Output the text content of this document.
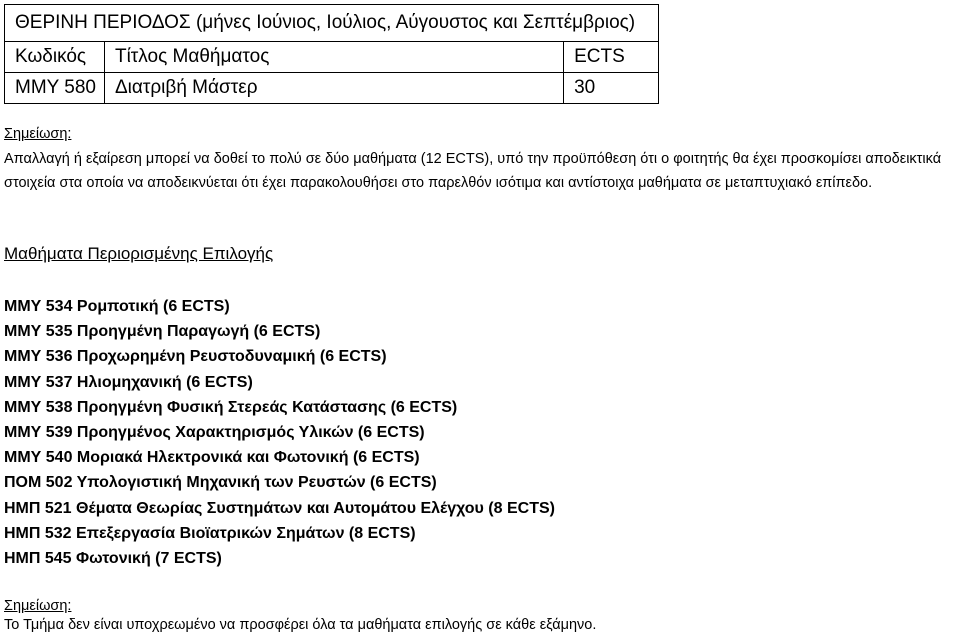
ΘΕΡΙΝΗ ΠΕΡΙΟΔΟΣ (μήνες Ιούνιος, Ιούλιος, Αύγουστος και Σεπτέμβριος)		
Κωδικός	Τίτλος Μαθήματος	ECTS
ΜΜΥ 580	Διατριβή Μάστερ	30
Σημείωση:
Απαλλαγή ή εξαίρεση μπορεί να δοθεί το πολύ σε δύο μαθήματα (12 ECTS), υπό την προϋπόθεση ότι ο φοιτητής θα έχει προσκομίσει αποδεικτικά στοιχεία στα οποία να αποδεικνύεται ότι έχει παρακολουθήσει στο παρελθόν ισότιμα και αντίστοιχα μαθήματα σε μεταπτυχιακό επίπεδο.
Μαθήματα Περιορισμένης Επιλογής
ΜΜΥ 534 Ρομποτική (6 ECTS)
ΜΜΥ 535 Προηγμένη Παραγωγή (6 ECTS)
ΜΜΥ 536 Προχωρημένη Ρευστοδυναμική (6 ECTS)
ΜΜΥ 537 Ηλιομηχανική (6 ECTS)
ΜΜΥ 538 Προηγμένη Φυσική Στερεάς Κατάστασης (6 ECTS)
ΜΜΥ 539 Προηγμένος Χαρακτηρισμός Υλικών (6 ECTS)
ΜΜΥ 540 Μοριακά Ηλεκτρονικά και Φωτονική (6 ECTS)
ΠΟΜ 502 Υπολογιστική Μηχανική των Ρευστών (6 ECTS)
ΗΜΠ 521 Θέματα Θεωρίας Συστημάτων και Αυτομάτου Ελέγχου (8 ECTS)
ΗΜΠ 532 Επεξεργασία Βιοϊατρικών Σημάτων (8 ECTS)
ΗΜΠ 545 Φωτονική (7 ECTS)
Σημείωση:
Το Τμήμα δεν είναι υποχρεωμένο να προσφέρει όλα τα μαθήματα επιλογής σε κάθε εξάμηνο.
